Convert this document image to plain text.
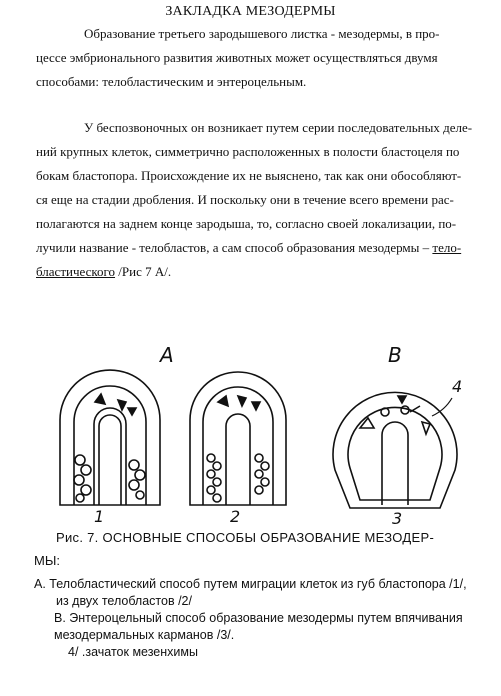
ЗАКЛАДКА МЕЗОДЕРМЫ
Образование третьего зародышевого листка - мезодермы, в про-
цессе эмбрионального развития животных может осуществляться двумя
способами: телобластическим и энтероцельным.
У беспозвоночных он возникает путем серии последовательных деле-
ний крупных клеток, симметрично расположенных в полости бластоцеля по
бокам бластопора. Происхождение их не выяснено, так как они обособляют-
ся еще на стадии дробления. И поскольку они в течение всего времени рас-
полагаются на заднем конце зародыша, то, согласно своей локализации, по-
лучили название - телобластов, а сам способ образования мезодермы – тело-
бластического /Рис 7 А/.
А	В
1	2	3
4
Рис. 7. ОСНОВНЫЕ СПОСОБЫ ОБРАЗОВАНИЕ МЕЗОДЕР-
МЫ:
А. Телобластический способ путем миграции клеток из губ бластопора /1/,
из двух телобластов /2/
В. Энтероцельный способ образование мезодермы путем впячивания
мезодермальных карманов /3/.
4/ .зачаток мезенхимы
